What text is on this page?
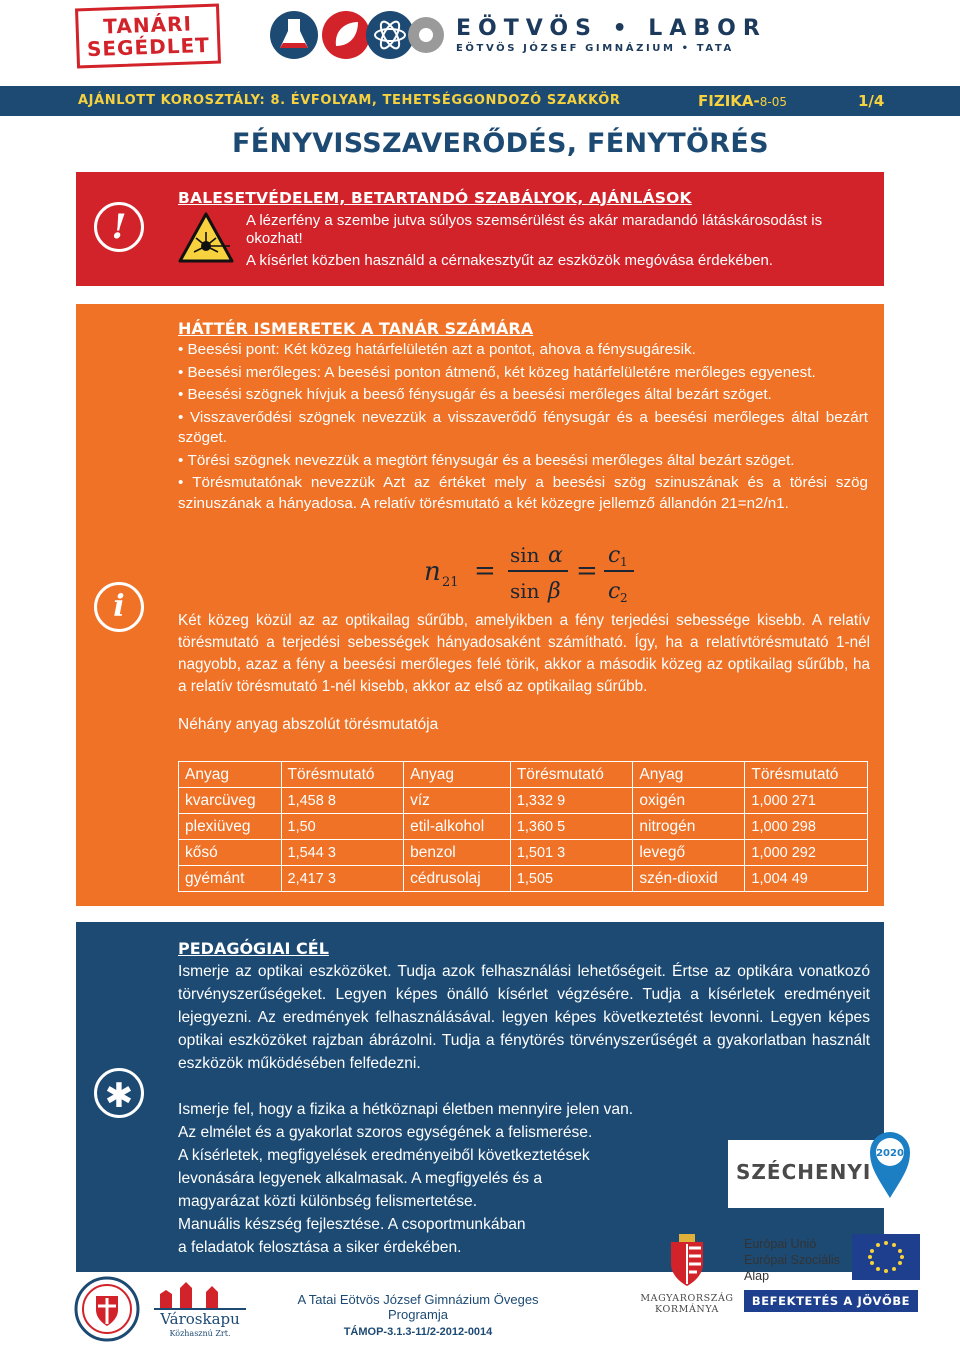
TANÁRI
SEGÉDLET
EÖTVÖS • LABOR
EÖTVÖS JÓZSEF GIMNÁZIUM • TATA
AJÁNLOTT KOROSZTÁLY: 8. ÉVFOLYAM, TEHETSÉGGONDOZÓ SZAKKÖR	FIZIKA-8-05	1/4
FÉNYVISSZAVERŐDÉS, FÉNYTÖRÉS
!
BALESETVÉDELEM, BETARTANDÓ SZABÁLYOK, AJÁNLÁSOK

A lézerfény a szembe jutva súlyos szemsérülést és akár maradandó látáskárosodást is okozhat!

A kísérlet közben használd a cérnakesztyűt az eszközök megóvása érdekében.

i
HÁTTÉR ISMERETEK A TANÁR SZÁMÁRA

• Beesési pont: Két közeg határfelületén azt a pontot, ahova a fénysugáresik.

• Beesési merőleges: A beesési ponton átmenő, két közeg határfelületére merőleges egyenest.

• Beesési szögnek hívjuk a beeső fénysugár és a beesési merőleges által bezárt szöget.

• Visszaverődési szögnek nevezzük a visszaverődő fénysugár és a beesési merőleges által bezárt szöget.

• Törési szögnek nevezzük a megtört fénysugár és a beesési merőleges által bezárt szöget.

• Törésmutatónak nevezzük Azt az értéket mely a beesési szög szinuszának és a törési szög szinuszának a hányadosa. A relatív törésmutató a két közegre jellemző állandón 21=n2/n1.

n 21 =
sin α
sin β
=
c 1
c 2

Két közeg közül az az optikailag sűrűbb, amelyikben a fény terjedési sebessége kisebb. A relatív törésmutató a terjedési sebességek hányadosaként számítható. Így, ha a relatívtörésmutató 1-nél nagyobb, azaz a fény a beesési merőleges felé törik, akkor a második közeg az optikailag sűrűbb, ha a relatív törésmutató 1-nél kisebb, akkor az első az optikailag sűrűbb.

Néhány anyag abszolút törésmutatója

Anyag	Törésmutató	Anyag	Törésmutató	Anyag	Törésmutató
kvarcüveg	1,458 8	víz	1,332 9	oxigén	1,000 271
plexiüveg	1,50	etil-alkohol	1,360 5	nitrogén	1,000 298
kősó	1,544 3	benzol	1,501 3	levegő	1,000 292
gyémánt	2,417 3	cédrusolaj	1,505	szén-dioxid	1,004 49
✱
PEDAGÓGIAI CÉL

Ismerje az optikai eszközöket. Tudja azok felhasználási lehetőségeit. Értse az optikára vonatkozó törvényszerűségeket. Legyen képes önálló kísérlet végzésére. Tudja a kísérletek eredményeit lejegyezni. Az eredmények felhasználásával. legyen képes következtetést levonni. Legyen képes optikai eszközöket rajzban ábrázolni. Tudja a fénytörés törvényszerűségét a gyakorlatban használt eszközök működésében felfedezni.

Ismerje fel, hogy a fizika a hétköznapi életben mennyire jelen van.
Az elmélet és a gyakorlat szoros egységének a felismerése.
A kísérletek, megfigyelések eredményeiből következtetések
levonására legyenek alkalmasak. A megfigyelés és a
magyarázat közti különbség felismertetése.
Manuális készség fejlesztése. A csoportmunkában
a feladatok felosztása a siker érdekében.
SZÉCHENYI
2020
Városkapu
Közhasznú Zrt.
A Tatai Eötvös József Gimnázium Öveges Programja
TÁMOP-3.1.3-11/2-2012-0014
MAGYARORSZÁG
KORMÁNYA
Európai Unió
Európai Szociális
Alap
BEFEKTETÉS A JÖVŐBE
